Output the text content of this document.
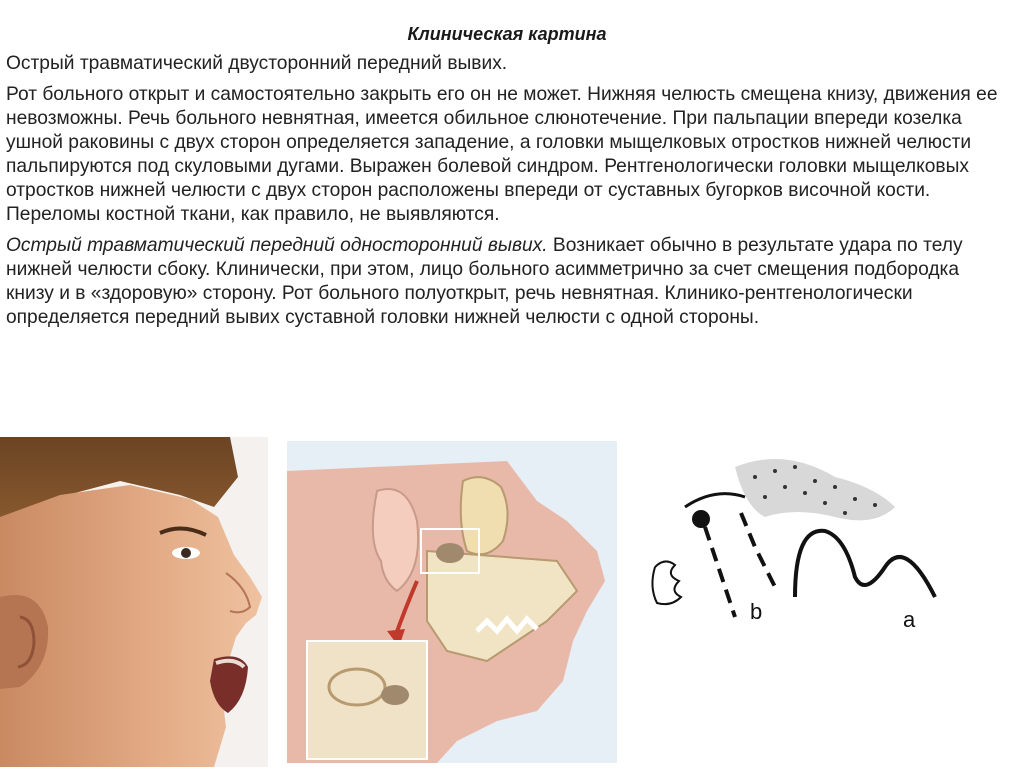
Клиническая картина

Острый травматический двусторонний передний вывих.

Рот больного открыт и самостоятельно закрыть его он не может. Нижняя челюсть смещена книзу, движения ее невозможны. Речь больного невнятная, имеется обильное слюнотечение. При пальпации впереди козелка ушной раковины с двух сторон определяется западение, а головки мыщелковых отростков нижней челюсти пальпируются под скуловыми дугами. Выражен болевой синдром. Рентгенологически головки мыщелковых отростков нижней челюсти с двух сторон расположены впереди от суставных бугорков височной кости. Переломы костной ткани, как правило, не выявляются.

Острый травматический передний односторонний вывих. Возникает обычно в результате удара по телу нижней челюсти сбоку. Клинически, при этом, лицо больного асимметрично за счет смещения подбородка книзу и в «здоровую» сторону. Рот больного полуоткрыт, речь невнятная. Клинико-рентгенологически определяется передний вывих суставной головки нижней челюсти с одной стороны.

b	a
